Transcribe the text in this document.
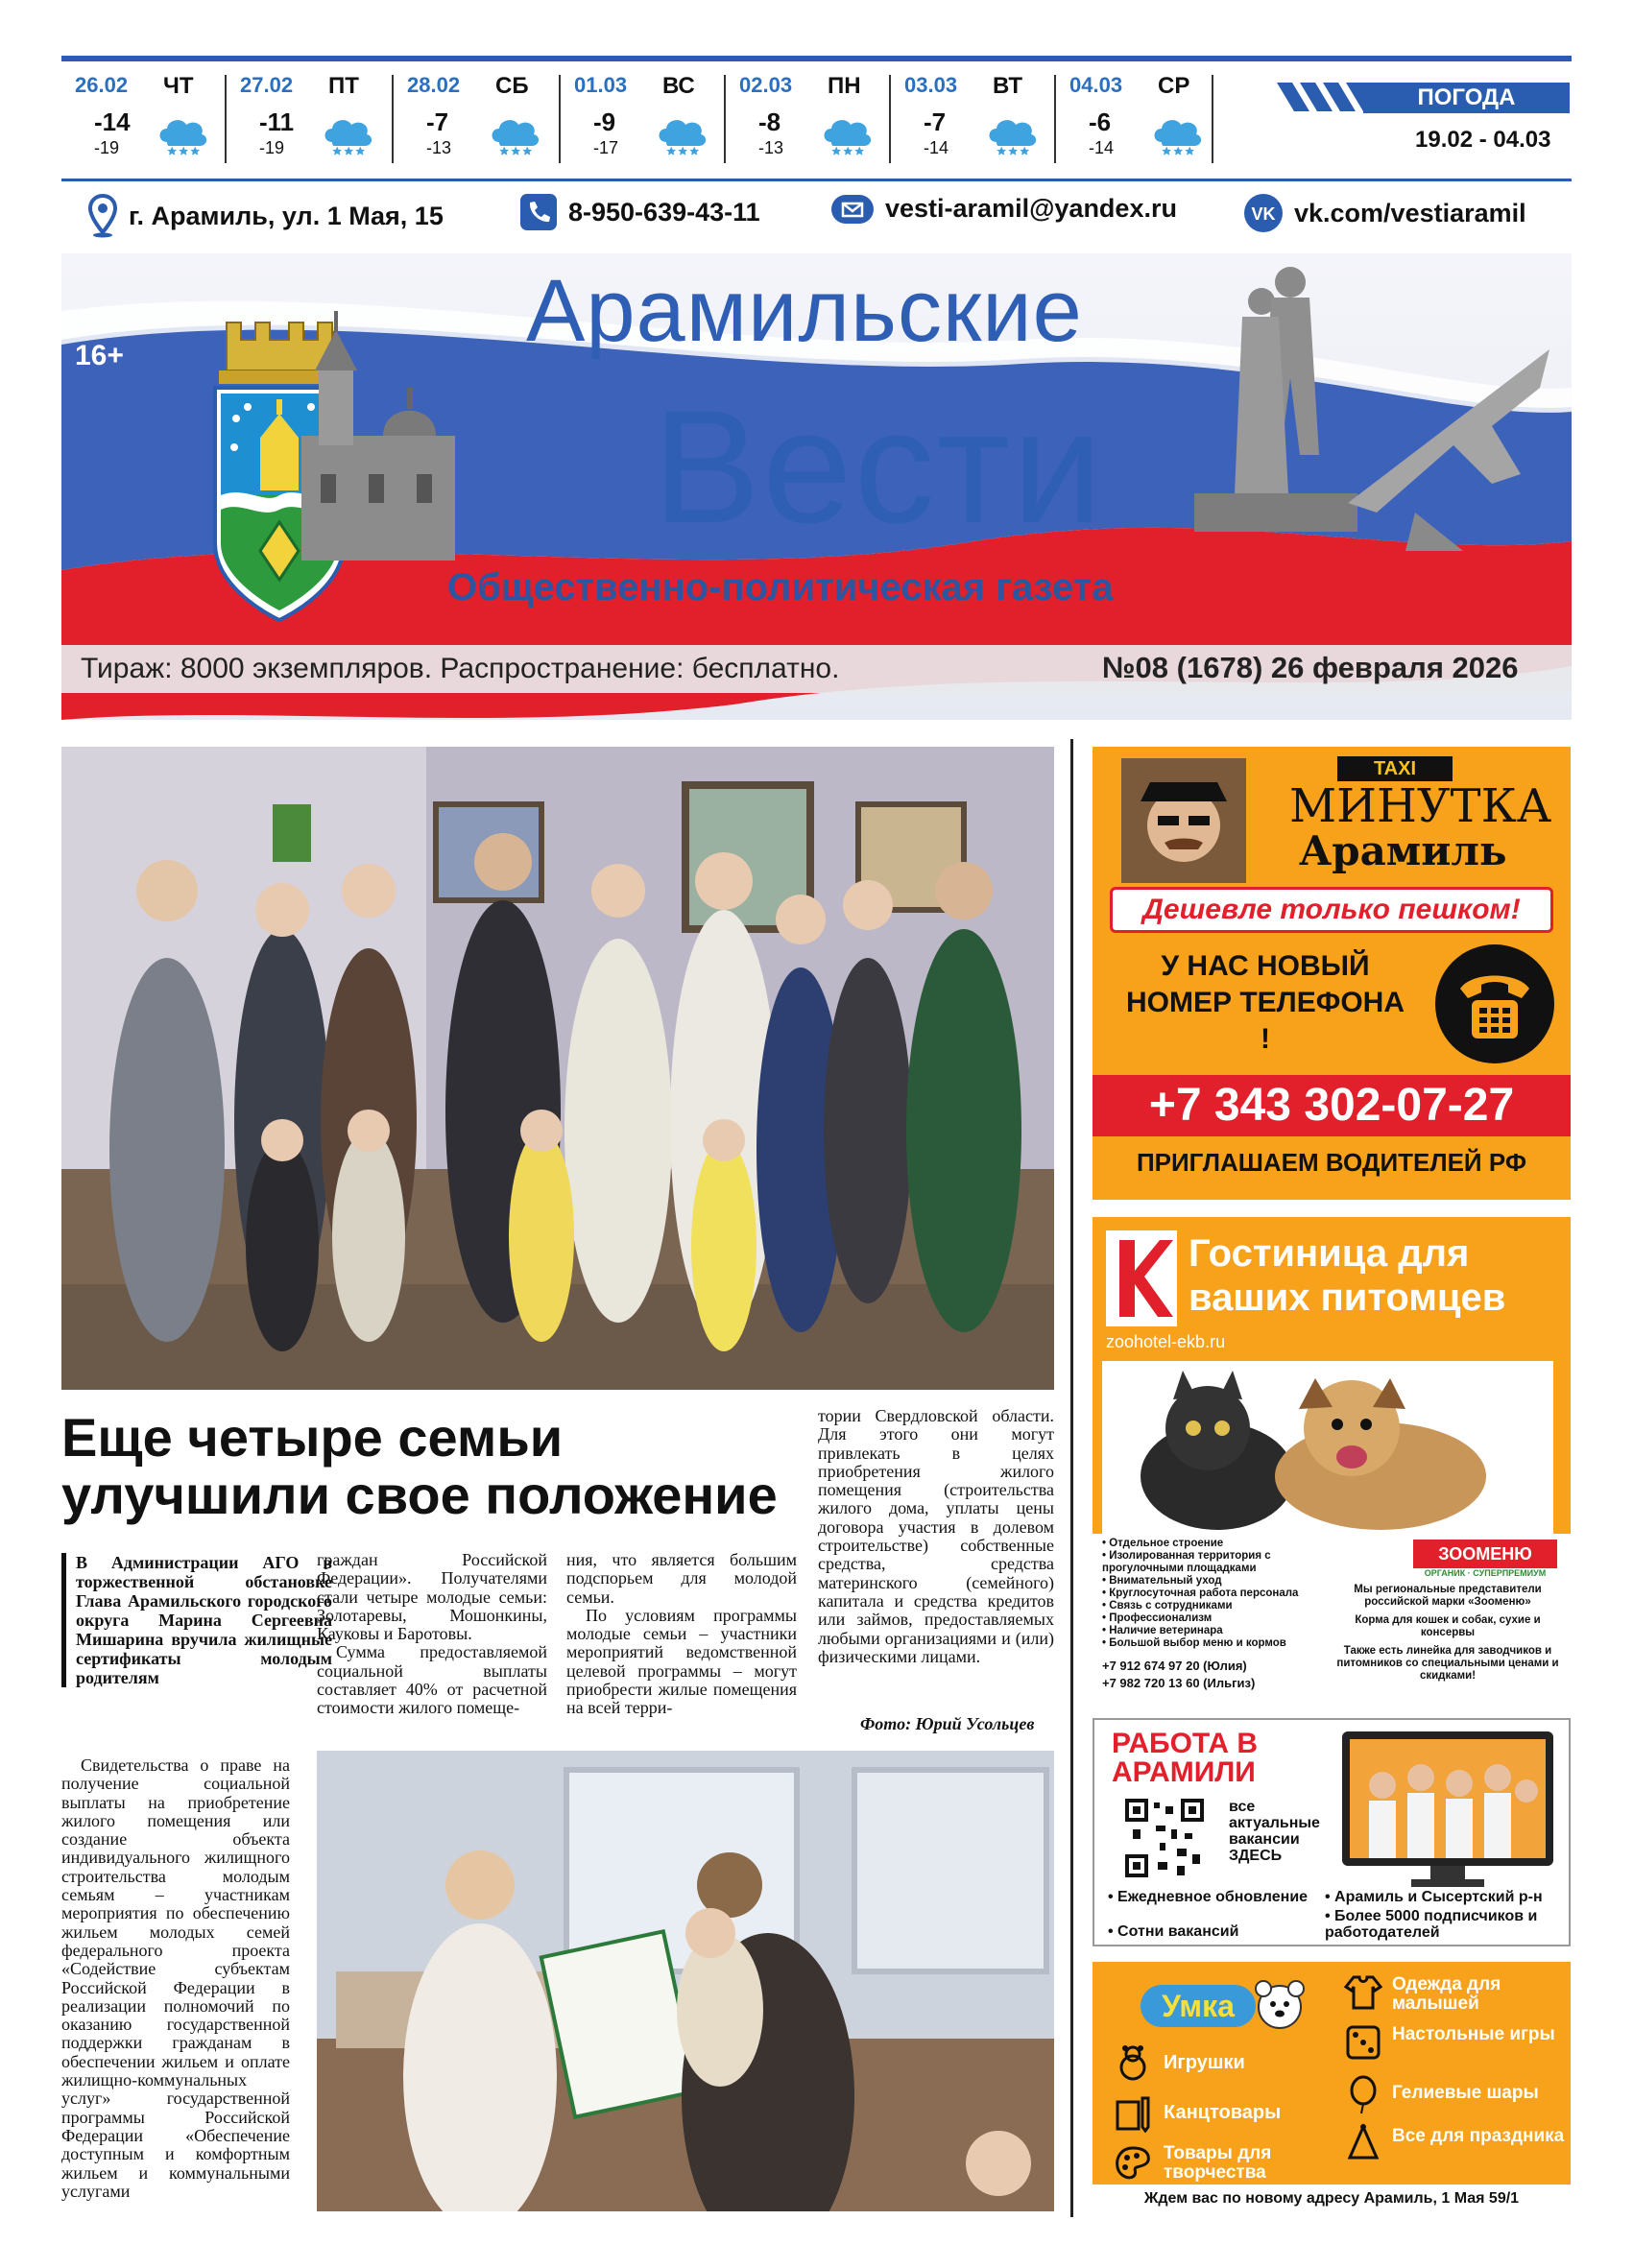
26.02 ЧТ
-14
-19
27.02 ПТ
-11
-19
28.02 СБ
-7
-13
01.03 ВС
-9
-17
02.03 ПН
-8
-13
03.03 ВТ
-7
-14
04.03 СР
-6
-14
ПОГОДА
19.02 - 04.03
г. Арамиль, ул. 1 Мая, 15	8-950-639-43-11	vesti-aramil@yandex.ru	VK vk.com/vestiaramil
16+	Арамильские
Вести
Общественно-политическая газета
Тираж: 8000 экземпляров. Распространение: бесплатно.	№08 (1678) 26 февраля 2026
Еще четыре семьи
улучшили свое положение
В Администрации АГО в торжественной обстановке Глава Арамильского городского округа Марина Сергеевна Мишарина вручила жилищные сертификаты молодым родителям

Свидетельства о праве на получение социальной выплаты на приобретение жилого помещения или создание объекта индивидуального жилищного строительства молодым семьям – участникам мероприятия по обеспечению жильем молодых семей федерального проекта «Содействие субъектам Российской Федерации в реализации полномочий по оказанию государственной поддержки гражданам в обеспечении жильем и оплате жилищно-коммунальных услуг» государственной программы Российской Федерации «Обеспечение доступным и комфортным жильем и коммунальными услугами

граждан Российской Федерации». Получателями стали четыре молодые семьи: Золотаревы, Мошонкины, Кауковы и Баротовы.

Сумма предоставляемой социальной выплаты составляет 40% от расчетной стоимости жилого помеще-

ния, что является большим подспорьем для молодой семьи.

По условиям программы молодые семьи – участники мероприятий ведомственной целевой программы – могут приобрести жилые помещения на всей терри-

тории Свердловской области. Для этого они могут привлекать в целях приобретения жилого помещения (строительства жилого дома, уплаты цены договора участия в долевом строительстве) собственные средства, средства материнского (семейного) капитала и средства кредитов или займов, предоставляемых любыми организациями и (или) физическими лицами.

Фото: Юрий Усольцев
TAXI
МИНУТКА
Арамиль
Дешевле только пешком!
У НАС НОВЫЙ НОМЕР ТЕЛЕФОНА !
+7 343 302-07-27
ПРИГЛАШАЕМ ВОДИТЕЛЕЙ РФ
Гостиница для
ваших питомцев
zoohotel-ekb.ru
• Отдельное строение
• Изолированная территория с прогулочными площадками
• Внимательный уход
• Круглосуточная работа персонала
• Связь с сотрудниками
• Профессионализм
• Наличие ветеринара
• Большой выбор меню и кормов
ЗООМЕНЮ
ОРГАНИК · СУПЕРПРЕМИУМ
Мы региональные представители российской марки «Зооменю»
Корма для кошек и собак, сухие и консервы
Также есть линейка для заводчиков и питомников со специальными ценами и скидками!
+7 912 674 97 20 (Юлия)
+7 982 720 13 60 (Ильгиз)
РАБОТА В
АРАМИЛИ
все актуальные вакансии ЗДЕСЬ
• Ежедневное обновление
• Сотни вакансий
• Арамиль и Сысертский р-н
• Более 5000 подписчиков и работодателей
Умка
Игрушки
Канцтовары
Товары для творчества
Одежда для малышей
Настольные игры
Гелиевые шары
Все для праздника
Ждем вас по новому адресу Арамиль, 1 Мая 59/1
